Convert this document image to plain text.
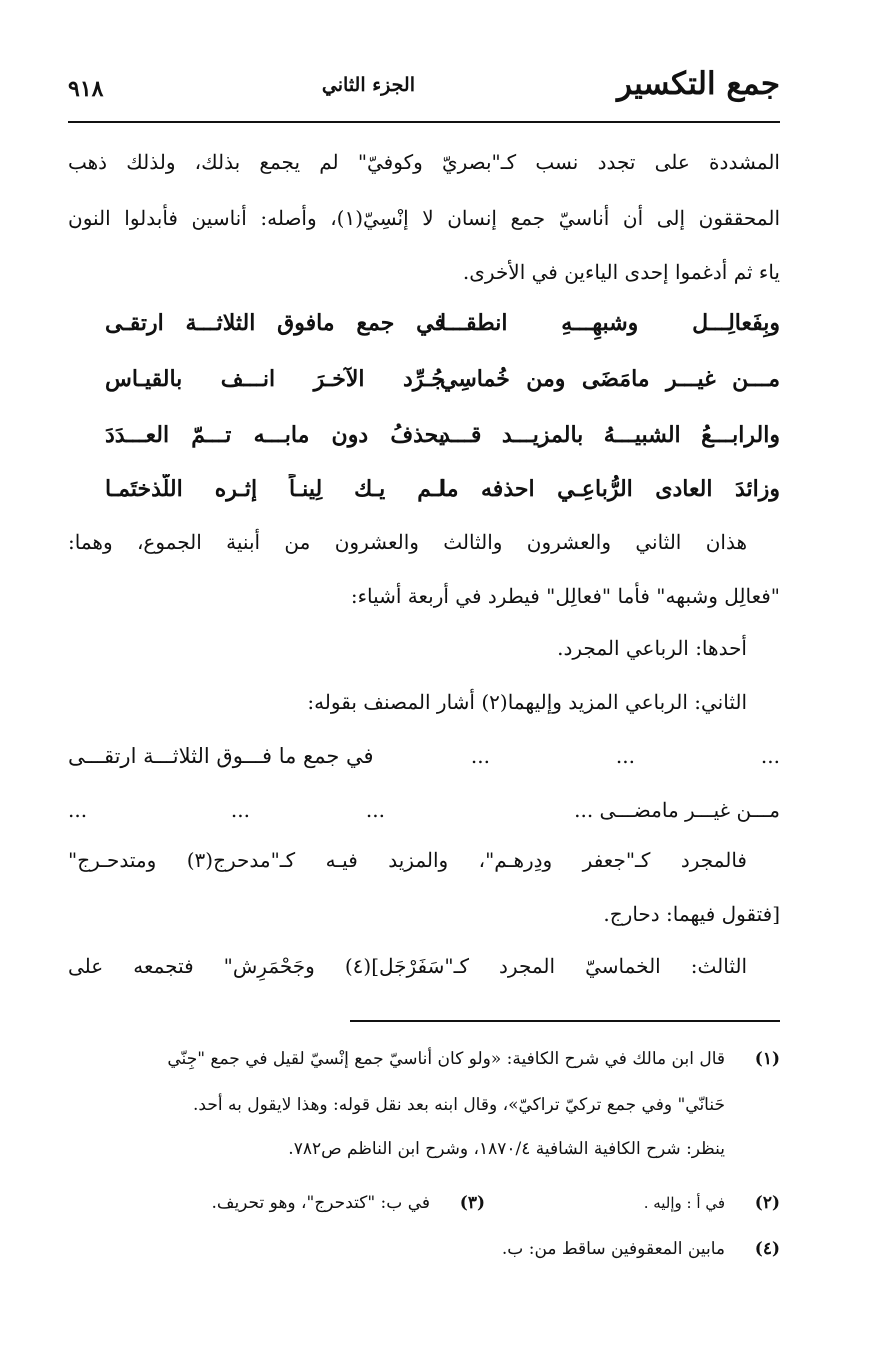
جمع التكسير
الجزء الثاني
٩١٨
المشددة على تجدد نسب كـ"بصريّ وكوفيّ" لم يجمع بذلك، ولذلك ذهب
المحققون إلى أن أناسيّ جمع إنسان لا إنْسِيّ(١)، وأصله: أناسين فأبدلوا النون
ياء ثم أدغموا إحدى الياءين في الأخرى.
وبِفَعالِـــل وشبهِـــهِ انطقـــا
في جمع مافوق الثلاثـــة ارتقـى
مـــن غيـــر مامَضَى ومن خُماسِي
جُـرِّد الآخـرَ انـــف بالقيـاس
والرابـــعُ الشبيـــهُ بالمزيـــد قـــد
يحذفُ دون مابـــه تـــمّ العـــدَدَ
وزائدَ العادى الرُّباعِـي احذفه ما
لـم يـك لِينـاً إثـره اللّذختَمـا
هذان الثاني والعشرون والثالث والعشرون من أبنية الجموع، وهما:
"فعالِل وشبهه" فأما "فعالِل" فيطرد في أربعة أشياء:
أحدها: الرباعي المجرد.
الثاني: الرباعي المزيد وإليهما(٢) أشار المصنف بقوله:
...
...
...
في جمع ما فـــوق الثلاثـــة ارتقـــى
مـــن غيـــر مامضـــى ...
...
...
...
فالمجرد كـ"جعفر ودِرهـم"، والمزيد فيـه كـ"مدحرج(٣) ومتدحـرج"
[فتقول فيهما: دحارج.
الثالث: الخماسيّ المجرد كـ"سَفَرْجَل](٤) وجَحْمَرِش" فتجمعه على
(١)
قال ابن مالك في شرح الكافية: «ولو كان أناسيّ جمع إنْسيّ لقيل في جمع "جِنّي
حَنانّي" وفي جمع تركيّ تراكيّ»، وقال ابنه بعد نقل قوله: وهذا لايقول به أحد.
ينظر: شرح الكافية الشافية ١٨٧٠/٤، وشرح ابن الناظم ص٧٨٢.
(٢)
في أ : وإليه .
(٣)
في ب: "كتدحرج"، وهو تحريف.
(٤)
مابين المعقوفين ساقط من: ب.
